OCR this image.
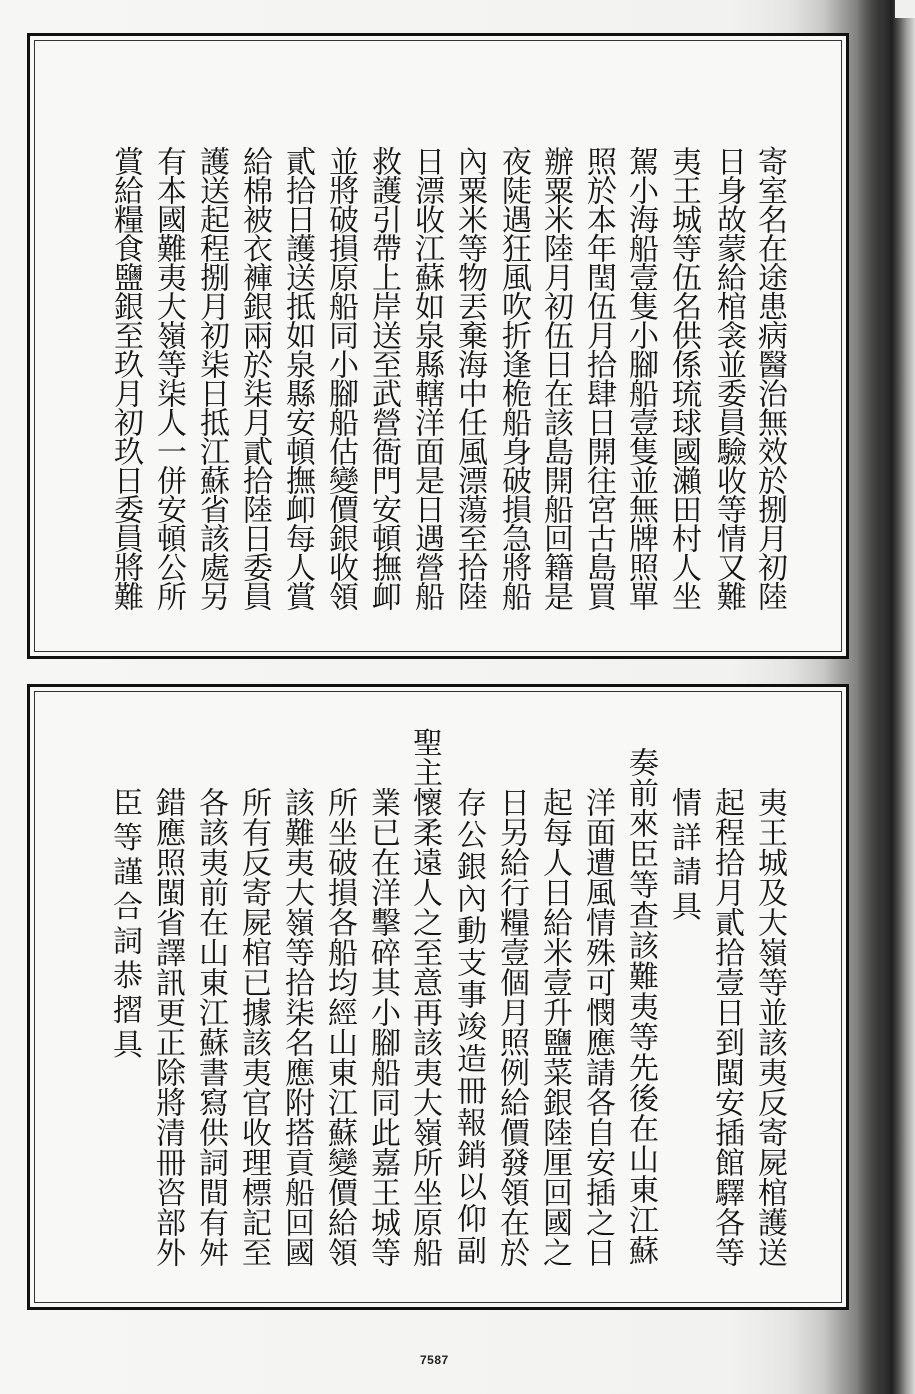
寄室名在途患病醫治無效於捌月初陸
日身故蒙給棺衾並委員驗收等情又難
夷王城等伍名供係琉球國瀨田村人坐
駕小海船壹隻小腳船壹隻並無牌照單
照於本年閏伍月拾肆日開往宮古島買
辦粟米陸月初伍日在該島開船回籍是
夜陡遇狂風吹折逢桅船身破損急將船
內粟米等物丟棄海中任風漂蕩至拾陸
日漂收江蘇如泉縣轄洋面是日遇營船
救護引帶上岸送至武營衙門安頓撫卹
並將破損原船同小腳船估變價銀收領
貳拾日護送抵如泉縣安頓撫卹每人賞
給棉被衣褲銀兩於柒月貳拾陸日委員
護送起程捌月初柒日抵江蘇省該處另
有本國難夷大嶺等柒人一併安頓公所
賞給糧食鹽銀至玖月初玖日委員將難
夷王城及大嶺等並該夷反寄屍棺護送
起程拾月貳拾壹日到閩安插館驛各等
情詳請具
奏前來臣等查該難夷等先後在山東江蘇
洋面遭風情殊可憫應請各自安插之日
起每人日給米壹升鹽菜銀陸厘回國之
日另給行糧壹個月照例給價發領在於
存公銀內動支事竣造冊報銷以仰副
聖主懷柔遠人之至意再該夷大嶺所坐原船
業已在洋擊碎其小腳船同此嘉王城等
所坐破損各船均經山東江蘇變價給領
該難夷大嶺等拾柒名應附搭貢船回國
所有反寄屍棺已據該夷官收理標記至
各該夷前在山東江蘇書寫供詞間有舛
錯應照閩省譯訊更正除將清冊咨部外
臣等謹合詞恭摺具
7587
